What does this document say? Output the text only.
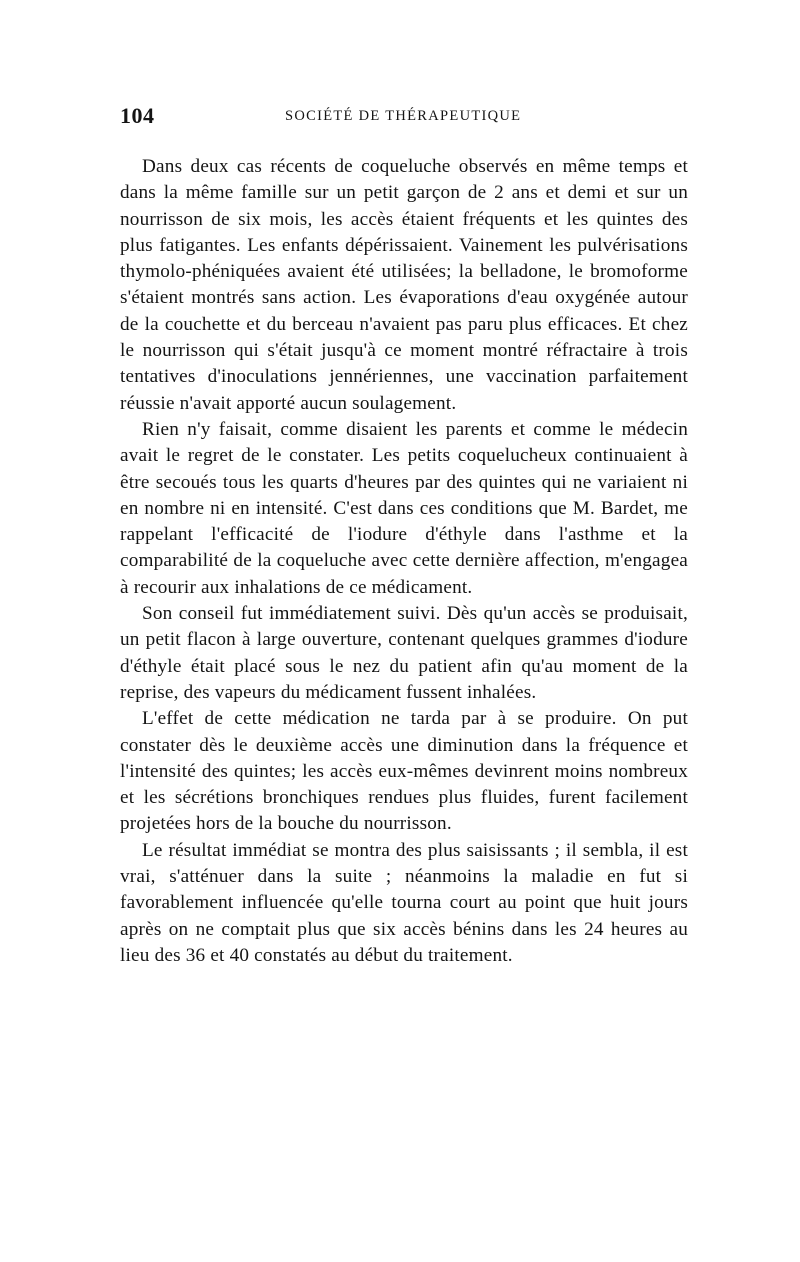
104	SOCIÉTÉ DE THÉRAPEUTIQUE

Dans deux cas récents de coqueluche observés en même temps et dans la même famille sur un petit garçon de 2 ans et demi et sur un nourrisson de six mois, les accès étaient fréquents et les quintes des plus fatigantes. Les enfants dépérissaient. Vainement les pulvérisations thymolo-phéniquées avaient été utilisées; la belladone, le bromoforme s'étaient montrés sans action. Les évaporations d'eau oxygénée autour de la couchette et du berceau n'avaient pas paru plus efficaces. Et chez le nourrisson qui s'était jusqu'à ce moment montré réfractaire à trois tentatives d'inoculations jennériennes, une vaccination parfaitement réussie n'avait apporté aucun soulagement.

Rien n'y faisait, comme disaient les parents et comme le médecin avait le regret de le constater. Les petits coquelucheux continuaient à être secoués tous les quarts d'heures par des quintes qui ne variaient ni en nombre ni en intensité. C'est dans ces conditions que M. Bardet, me rappelant l'efficacité de l'iodure d'éthyle dans l'asthme et la comparabilité de la coqueluche avec cette dernière affection, m'engagea à recourir aux inhalations de ce médicament.

Son conseil fut immédiatement suivi. Dès qu'un accès se produisait, un petit flacon à large ouverture, contenant quelques grammes d'iodure d'éthyle était placé sous le nez du patient afin qu'au moment de la reprise, des vapeurs du médicament fussent inhalées.

L'effet de cette médication ne tarda par à se produire. On put constater dès le deuxième accès une diminution dans la fréquence et l'intensité des quintes; les accès eux-mêmes devinrent moins nombreux et les sécrétions bronchiques rendues plus fluides, furent facilement projetées hors de la bouche du nourrisson.

Le résultat immédiat se montra des plus saisissants ; il sembla, il est vrai, s'atténuer dans la suite ; néanmoins la maladie en fut si favorablement influencée qu'elle tourna court au point que huit jours après on ne comptait plus que six accès bénins dans les 24 heures au lieu des 36 et 40 constatés au début du traitement.
